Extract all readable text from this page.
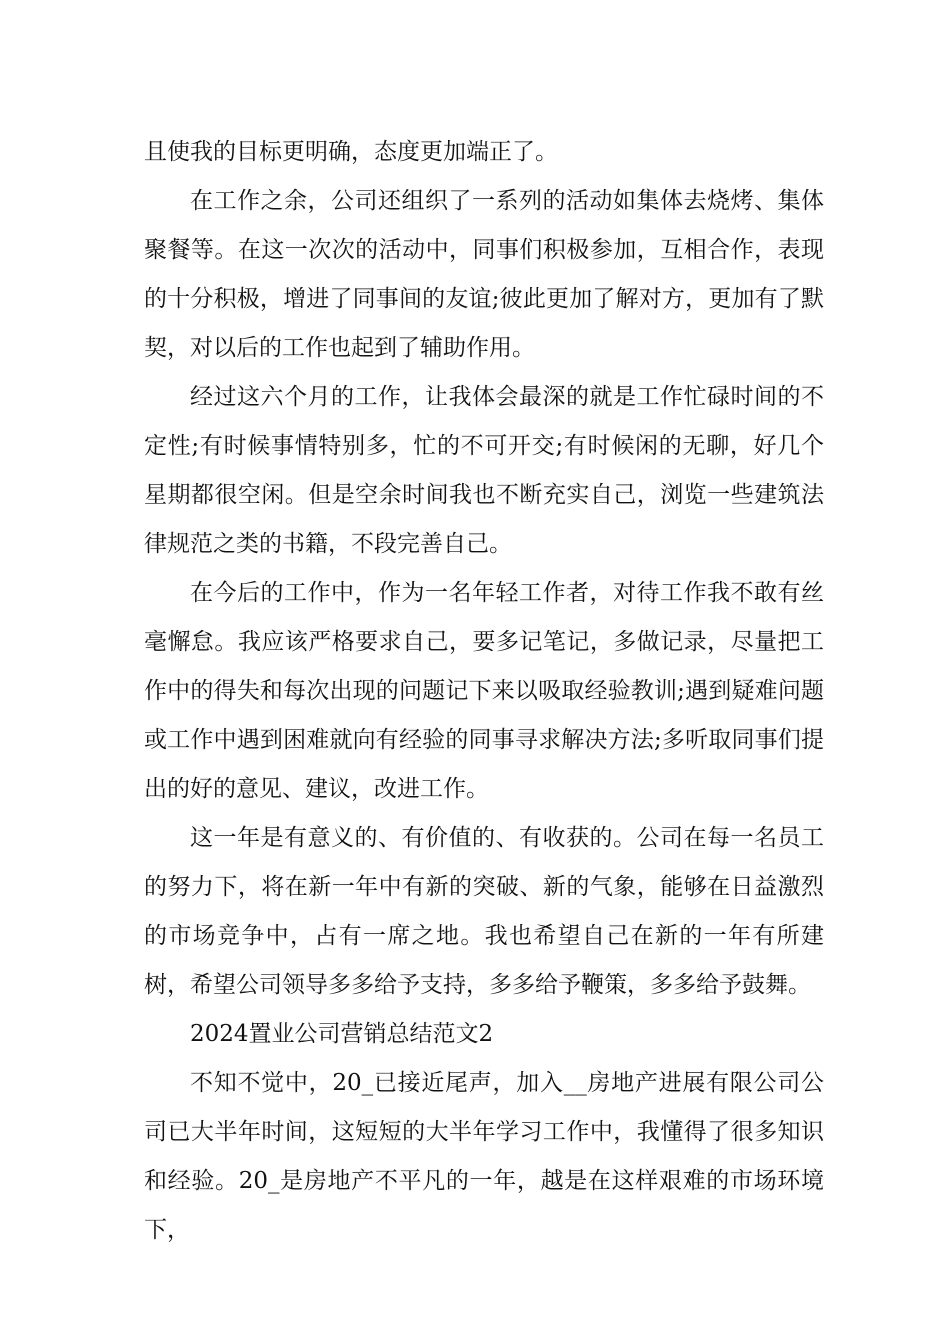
且使我的目标更明确，态度更加端正了。

在工作之余，公司还组织了一系列的活动如集体去烧烤、集体聚餐等。在这一次次的活动中，同事们积极参加，互相合作，表现的十分积极，增进了同事间的友谊;彼此更加了解对方，更加有了默契，对以后的工作也起到了辅助作用。

经过这六个月的工作，让我体会最深的就是工作忙碌时间的不定性;有时候事情特别多，忙的不可开交;有时候闲的无聊，好几个星期都很空闲。但是空余时间我也不断充实自己，浏览一些建筑法律规范之类的书籍，不段完善自己。

在今后的工作中，作为一名年轻工作者，对待工作我不敢有丝毫懈怠。我应该严格要求自己，要多记笔记，多做记录，尽量把工作中的得失和每次出现的问题记下来以吸取经验教训;遇到疑难问题或工作中遇到困难就向有经验的同事寻求解决方法;多听取同事们提出的好的意见、建议，改进工作。

这一年是有意义的、有价值的、有收获的。公司在每一名员工的努力下，将在新一年中有新的突破、新的气象，能够在日益激烈的市场竞争中，占有一席之地。我也希望自己在新的一年有所建树，希望公司领导多多给予支持，多多给予鞭策，多多给予鼓舞。

2024置业公司营销总结范文2

不知不觉中，20_已接近尾声，加入__房地产进展有限公司公司已大半年时间，这短短的大半年学习工作中，我懂得了很多知识和经验。20_是房地产不平凡的一年，越是在这样艰难的市场环境下，
